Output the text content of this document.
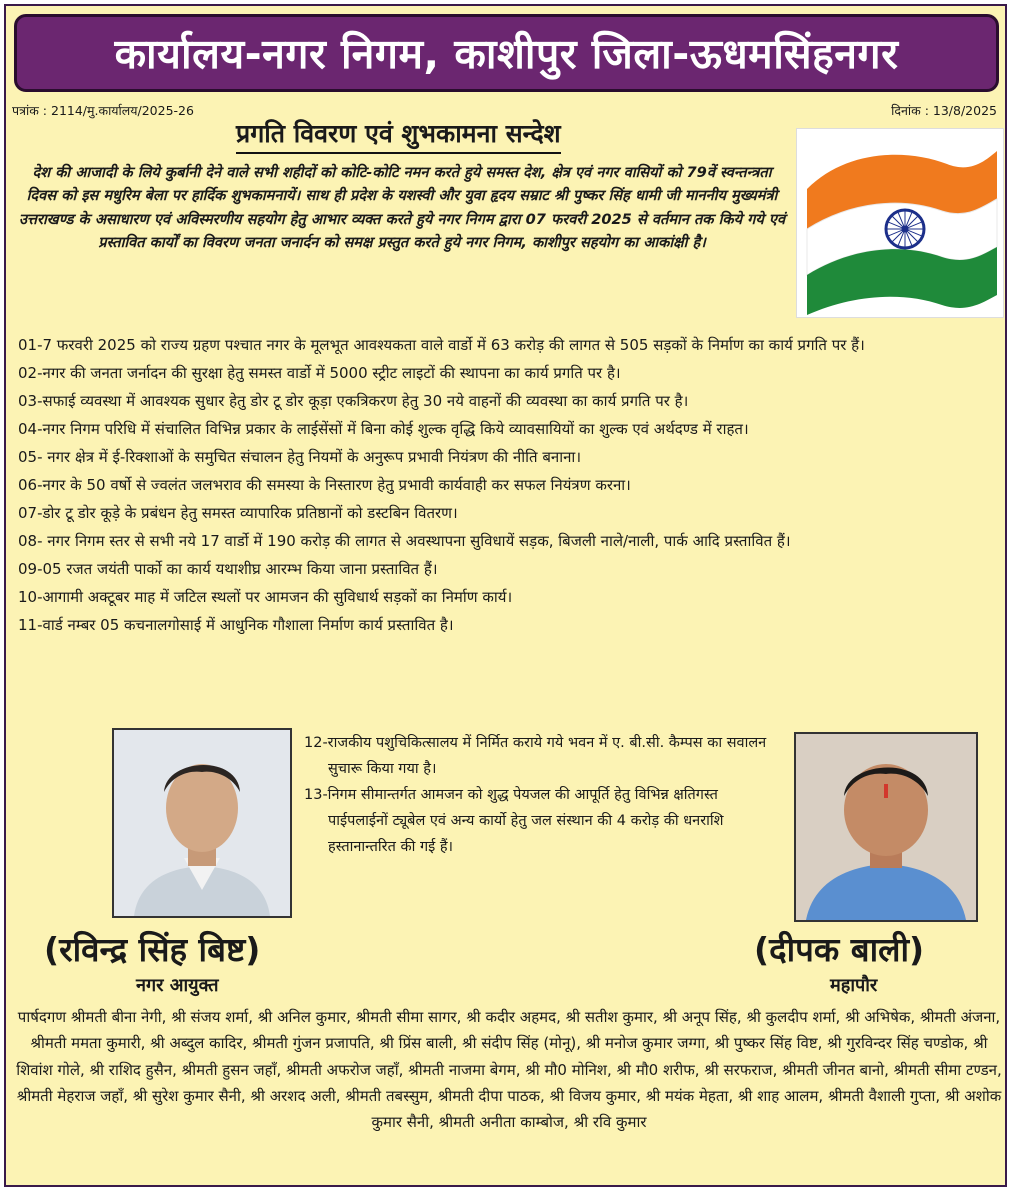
कार्यालय-नगर निगम, काशीपुर जिला-ऊधमसिंहनगर
पत्रांक : 2114/मु.कार्यालय/2025-26	दिनांक : 13/8/2025
प्रगति विवरण एवं शुभकामना सन्देश
देश की आजादी के लिये कुर्बानी देने वाले सभी शहीदों को कोटि-कोटि नमन करते हुये समस्त देश, क्षेत्र एवं नगर वासियों को 79वें स्वन्तन्त्रता दिवस को इस मधुरिम बेला पर हार्दिक शुभकामनायें। साथ ही प्रदेश के यशस्वी और युवा हृदय सम्राट श्री पुष्कर सिंह धामी जी माननीय मुख्यमंत्री उत्तराखण्ड के असाधारण एवं अविस्मरणीय सहयोग हेतु आभार व्यक्त करते हुये नगर निगम द्वारा 07 फरवरी 2025 से वर्तमान तक किये गये एवं प्रस्तावित कार्यों का विवरण जनता जनार्दन को समक्ष प्रस्तुत करते हुये नगर निगम, काशीपुर सहयोग का आकांक्षी है।
01-7 फरवरी 2025 को राज्य ग्रहण पश्चात नगर के मूलभूत आवश्यकता वाले वार्डो में 63 करोड़ की लागत से 505 सड़कों के निर्माण का कार्य प्रगति पर हैं।
02-नगर की जनता जर्नादन की सुरक्षा हेतु समस्त वार्डो में 5000 स्ट्रीट लाइटों की स्थापना का कार्य प्रगति पर है।
03-सफाई व्यवस्था में आवश्यक सुधार हेतु डोर टू डोर कूड़ा एकत्रिकरण हेतु 30 नये वाहनों की व्यवस्था का कार्य प्रगति पर है।
04-नगर निगम परिधि में संचालित विभिन्न प्रकार के लाईसेंसों में बिना कोई शुल्क वृद्धि किये व्यावसायियों का शुल्क एवं अर्थदण्ड में राहत।
05- नगर क्षेत्र में ई-रिक्शाओं के समुचित संचालन हेतु नियमों के अनुरूप प्रभावी नियंत्रण की नीति बनाना।
06-नगर के 50 वर्षो से ज्वलंत जलभराव की समस्या के निस्तारण हेतु प्रभावी कार्यवाही कर सफल नियंत्रण करना।
07-डोर टू डोर कूड़े के प्रबंधन हेतु समस्त व्यापारिक प्रतिष्ठानों को डस्टबिन वितरण।
08- नगर निगम स्तर से सभी नये 17 वार्डो में 190 करोड़ की लागत से अवस्थापना सुविधायें सड़क, बिजली नाले/नाली, पार्क आदि प्रस्तावित हैं।
09-05 रजत जयंती पार्को का कार्य यथाशीघ्र आरम्भ किया जाना प्रस्तावित हैं।
10-आगामी अक्टूबर माह में जटिल स्थलों पर आमजन की सुविधार्थ सड़कों का निर्माण कार्य।
11-वार्ड नम्बर 05 कचनालगोसाई में आधुनिक गौशाला निर्माण कार्य प्रस्तावित है।
12-राजकीय पशुचिकित्सालय में निर्मित कराये गये भवन में ए. बी.सी. कैम्पस का सवालन सुचारू किया गया है।
13-निगम सीमान्तर्गत आमजन को शुद्ध पेयजल की आपूर्ति हेतु विभिन्न क्षतिगस्त पाईपलाईनों ट्यूबेल एवं अन्य कार्यो हेतु जल संस्थान की 4 करोड़ की धनराशि हस्तानान्तरित की गई हैं।
(रविन्द्र सिंह बिष्ट)
नगर आयुक्त
(दीपक बाली)
महापौर
पार्षदगण श्रीमती बीना नेगी, श्री संजय शर्मा, श्री अनिल कुमार, श्रीमती सीमा सागर, श्री कदीर अहमद, श्री सतीश कुमार, श्री अनूप सिंह, श्री कुलदीप शर्मा, श्री अभिषेक, श्रीमती अंजना, श्रीमती ममता कुमारी, श्री अब्दुल कादिर, श्रीमती गुंजन प्रजापति, श्री प्रिंस बाली, श्री संदीप सिंह (मोनू), श्री मनोज कुमार जग्गा, श्री पुष्कर सिंह विष्ट, श्री गुरविन्दर सिंह चण्डोक, श्री शिवांश गोले, श्री राशिद हुसैन, श्रीमती हुसन जहाँ, श्रीमती अफरोज जहाँ, श्रीमती नाजमा बेगम, श्री मौ0 मोनिश, श्री मौ0 शरीफ, श्री सरफराज, श्रीमती जीनत बानो, श्रीमती सीमा टण्डन, श्रीमती मेहराज जहाँ, श्री सुरेश कुमार सैनी, श्री अरशद अली, श्रीमती तबस्सुम, श्रीमती दीपा पाठक, श्री विजय कुमार, श्री मयंक मेहता, श्री शाह आलम, श्रीमती वैशाली गुप्ता, श्री अशोक कुमार सैनी, श्रीमती अनीता काम्बोज, श्री रवि कुमार
